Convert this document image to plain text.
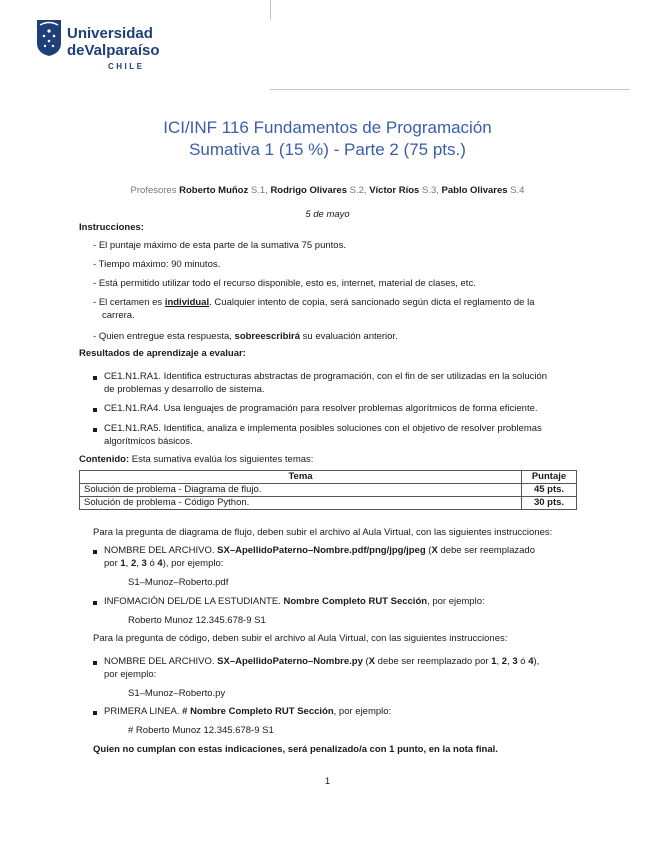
Universidad
deValparaíso
CHILE
ICI/INF 116 Fundamentos de Programación
Sumativa 1 (15 %) - Parte 2 (75 pts.)
Profesores Roberto Muñoz S.1, Rodrigo Olivares S.2, Víctor Ríos S.3, Pablo Olivares S.4
5 de mayo
Instrucciones:
- El puntaje máximo de esta parte de la sumativa 75 puntos.
- Tiempo máximo: 90 minutos.
- Está permitido utilizar todo el recurso disponible, esto es, internet, material de clases, etc.
- El certamen es individual. Cualquier intento de copia, será sancionado según dicta el reglamento de la
carrera.
- Quien entregue esta respuesta, sobreescribirá su evaluación anterior.
Resultados de aprendizaje a evaluar:
CE1.N1.RA1. Identifica estructuras abstractas de programación, con el fin de ser utilizadas en la solución
de problemas y desarrollo de sistema.
CE1.N1.RA4. Usa lenguajes de programación para resolver problemas algorítmicos de forma eficiente.
CE1.N1.RA5. Identifica, analiza e implementa posibles soluciones con el objetivo de resolver problemas
algorítmicos básicos.
Contenido: Esta sumativa evalúa los siguientes temas:
Tema	Puntaje
Solución de problema - Diagrama de flujo.	45 pts.
Solución de problema - Código Python.	30 pts.
Para la pregunta de diagrama de flujo, deben subir el archivo al Aula Virtual, con las siguientes instrucciones:
NOMBRE DEL ARCHIVO. SX–ApellidoPaterno–Nombre.pdf/png/jpg/jpeg (X debe ser reemplazado
por 1, 2, 3 ó 4), por ejemplo:
S1–Munoz–Roberto.pdf
INFOMACIÓN DEL/DE LA ESTUDIANTE. Nombre Completo RUT Sección, por ejemplo:
Roberto Munoz 12.345.678-9 S1
Para la pregunta de código, deben subir el archivo al Aula Virtual, con las siguientes instrucciones:
NOMBRE DEL ARCHIVO. SX–ApellidoPaterno–Nombre.py (X debe ser reemplazado por 1, 2, 3 ó 4),
por ejemplo:
S1–Munoz–Roberto.py
PRIMERA LINEA. # Nombre Completo RUT Sección, por ejemplo:
# Roberto Munoz 12.345.678-9 S1
Quien no cumplan con estas indicaciones, será penalizado/a con 1 punto, en la nota final.
1
